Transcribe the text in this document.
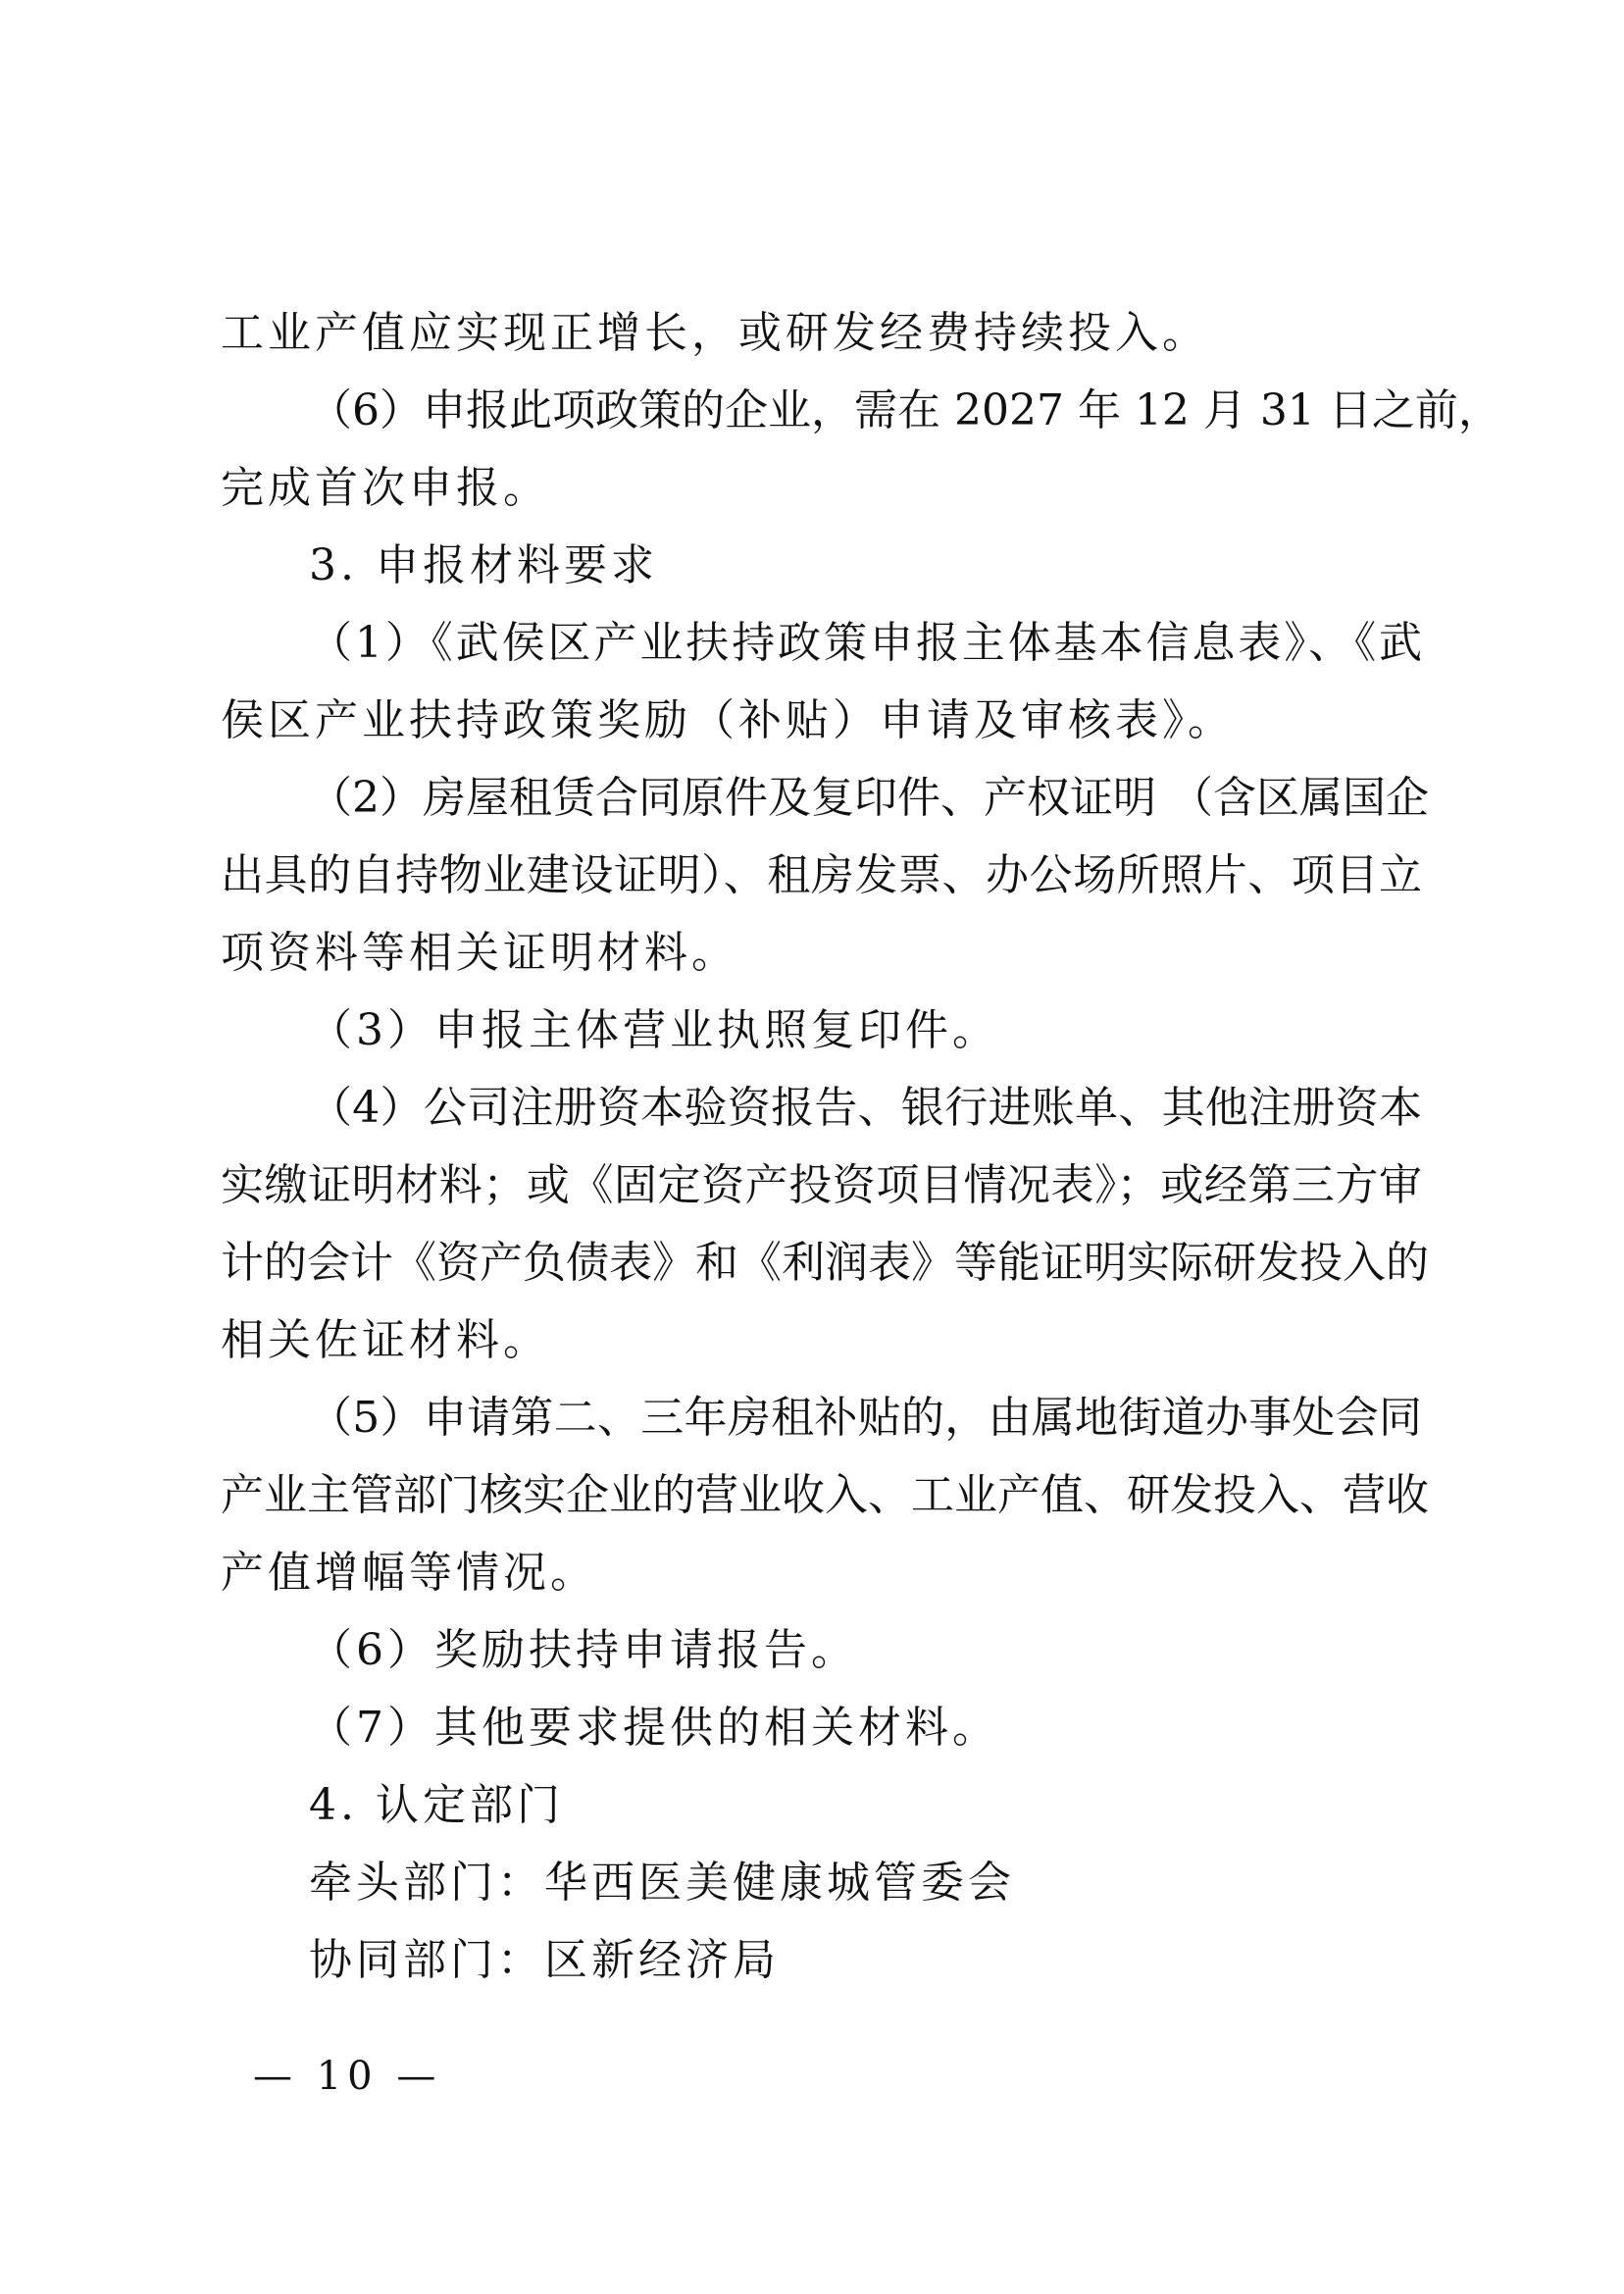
工业产值应实现正增长，或研发经费持续投入。
（6）申报此项政策的企业，需在 2027 年 12 月 31 日之前，
完成首次申报。
3. 申报材料要求
（1）《武侯区产业扶持政策申报主体基本信息表》、《武
侯区产业扶持政策奖励（补贴）申请及审核表》。
（2）房屋租赁合同原件及复印件、产权证明 （含区属国企
出具的自持物业建设证明）、租房发票、办公场所照片、项目立
项资料等相关证明材料。
（3）申报主体营业执照复印件。
（4）公司注册资本验资报告、银行进账单、其他注册资本
实缴证明材料；或《固定资产投资项目情况表》；或经第三方审
计的会计《资产负债表》和《利润表》等能证明实际研发投入的
相关佐证材料。
（5）申请第二、三年房租补贴的，由属地街道办事处会同
产业主管部门核实企业的营业收入、工业产值、研发投入、营收
产值增幅等情况。
（6）奖励扶持申请报告。
（7）其他要求提供的相关材料。
4. 认定部门
牵头部门：华西医美健康城管委会
协同部门：区新经济局
— 10 —
